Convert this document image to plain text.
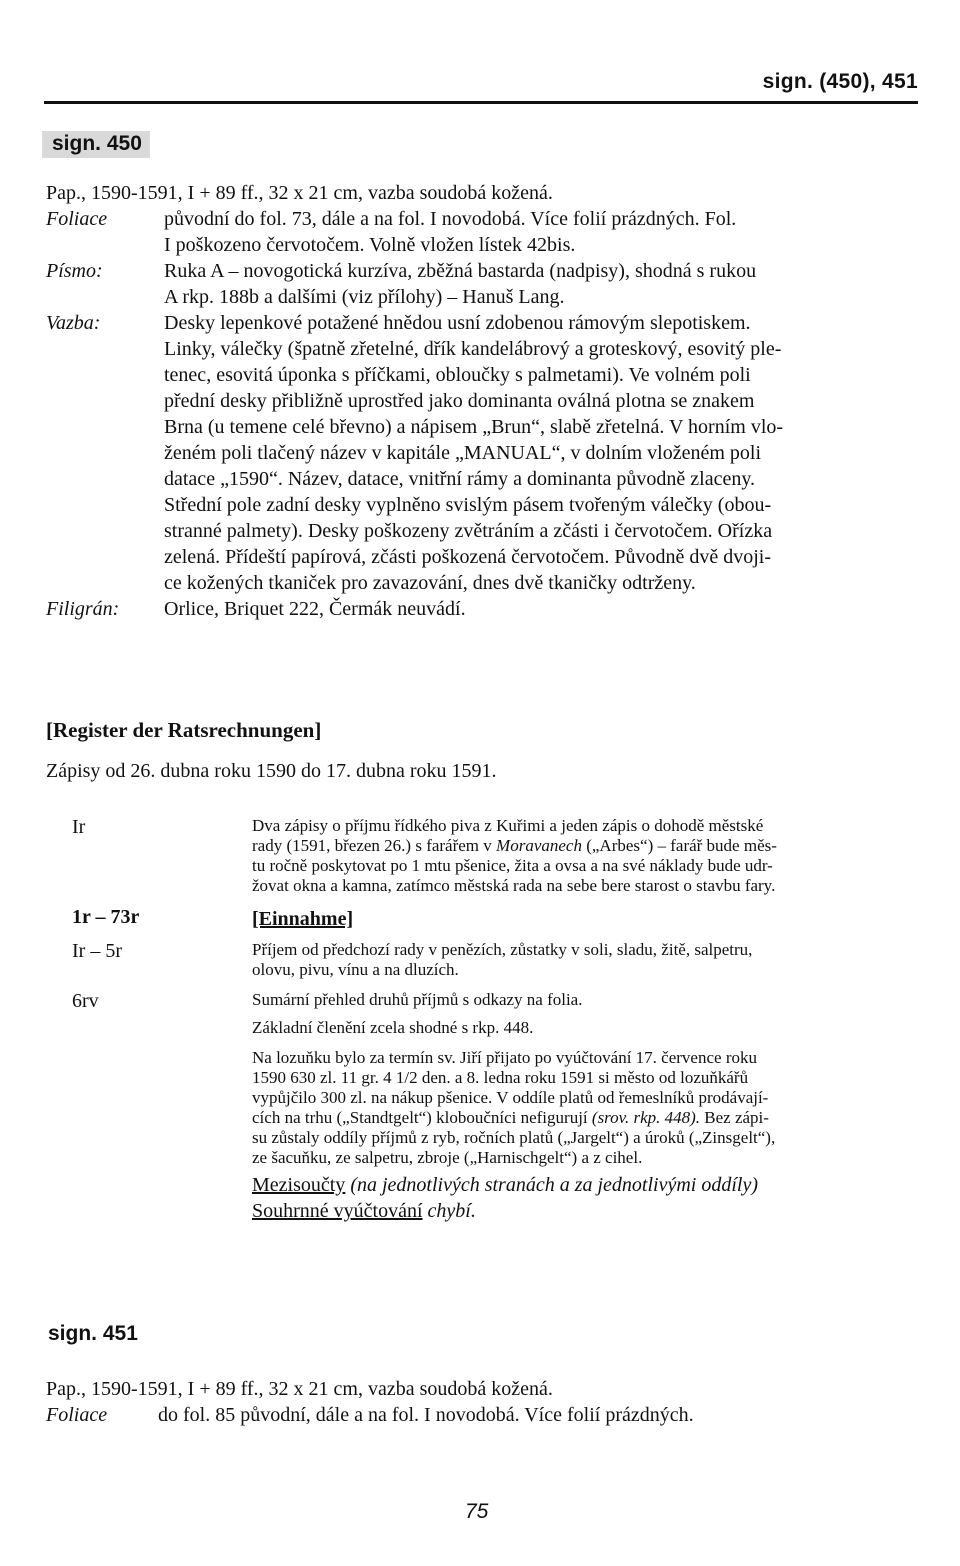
sign. (450), 451
sign. 450
Pap., 1590-1591, I + 89 ff., 32 x 21 cm, vazba soudobá kožená.
Foliace	původní do fol. 73, dále a na fol. I novodobá. Více folií prázdných. Fol.
I poškozeno červotočem. Volně vložen lístek 42bis.
Písmo:	Ruka A – novogotická kurzíva, zběžná bastarda (nadpisy), shodná s rukou
A rkp. 188b a dalšími (viz přílohy) – Hanuš Lang.
Vazba:	Desky lepenkové potažené hnědou usní zdobenou rámovým slepotiskem.
Linky, válečky (špatně zřetelné, dřík kandelábrový a groteskový, esovitý ple-
tenec, esovitá úponka s příčkami, obloučky s palmetami). Ve volném poli
přední desky přibližně uprostřed jako dominanta oválná plotna se znakem
Brna (u temene celé břevno) a nápisem „Brun“, slabě zřetelná. V horním vlo-
ženém poli tlačený název v kapitále „MANUAL“, v dolním vloženém poli
datace „1590“. Název, datace, vnitřní rámy a dominanta původně zlaceny.
Střední pole zadní desky vyplněno svislým pásem tvořeným válečky (obou-
stranné palmety). Desky poškozeny zvětráním a zčásti i červotočem. Ořízka
zelená. Přídeští papírová, zčásti poškozená červotočem. Původně dvě dvoji-
ce kožených tkaniček pro zavazování, dnes dvě tkaničky odtrženy.
Filigrán: Orlice, Briquet 222, Čermák neuvádí.
[Register der Ratsrechnungen]
Zápisy od 26. dubna roku 1590 do 17. dubna roku 1591.
Ir	Dva zápisy o příjmu řídkého piva z Kuřimi a jeden zápis o dohodě městské
rady (1591, březen 26.) s farářem v Moravanech („Arbes“) – farář bude měs-
tu ročně poskytovat po 1 mtu pšenice, žita a ovsa a na své náklady bude udr-
žovat okna a kamna, zatímco městská rada na sebe bere starost o stavbu fary.
1r – 73r	[Einnahme]
Ir – 5r	Příjem od předchozí rady v penězích, zůstatky v soli, sladu, žitě, salpetru,
olovu, pivu, vínu a na dluzích.
6rv	Sumární přehled druhů příjmů s odkazy na folia.
Základní členění zcela shodné s rkp. 448.
Na lozuňku bylo za termín sv. Jiří přijato po vyúčtování 17. července roku
1590 630 zl. 11 gr. 4 1/2 den. a 8. ledna roku 1591 si město od lozuňkářů
vypůjčilo 300 zl. na nákup pšenice. V oddíle platů od řemeslníků prodávají-
cích na trhu („Standtgelt“) kloboučníci nefigurují (srov. rkp. 448). Bez zápi-
su zůstaly oddíly příjmů z ryb, ročních platů („Jargelt“) a úroků („Zinsgelt“),
ze šacuňku, ze salpetru, zbroje („Harnischgelt“) a z cihel.
Mezisoučty (na jednotlivých stranách a za jednotlivými oddíly)
Souhrnné vyúčtování chybí.
sign. 451
Pap., 1590-1591, I + 89 ff., 32 x 21 cm, vazba soudobá kožená.
Foliace	do fol. 85 původní, dále a na fol. I novodobá. Více folií prázdných.
75
